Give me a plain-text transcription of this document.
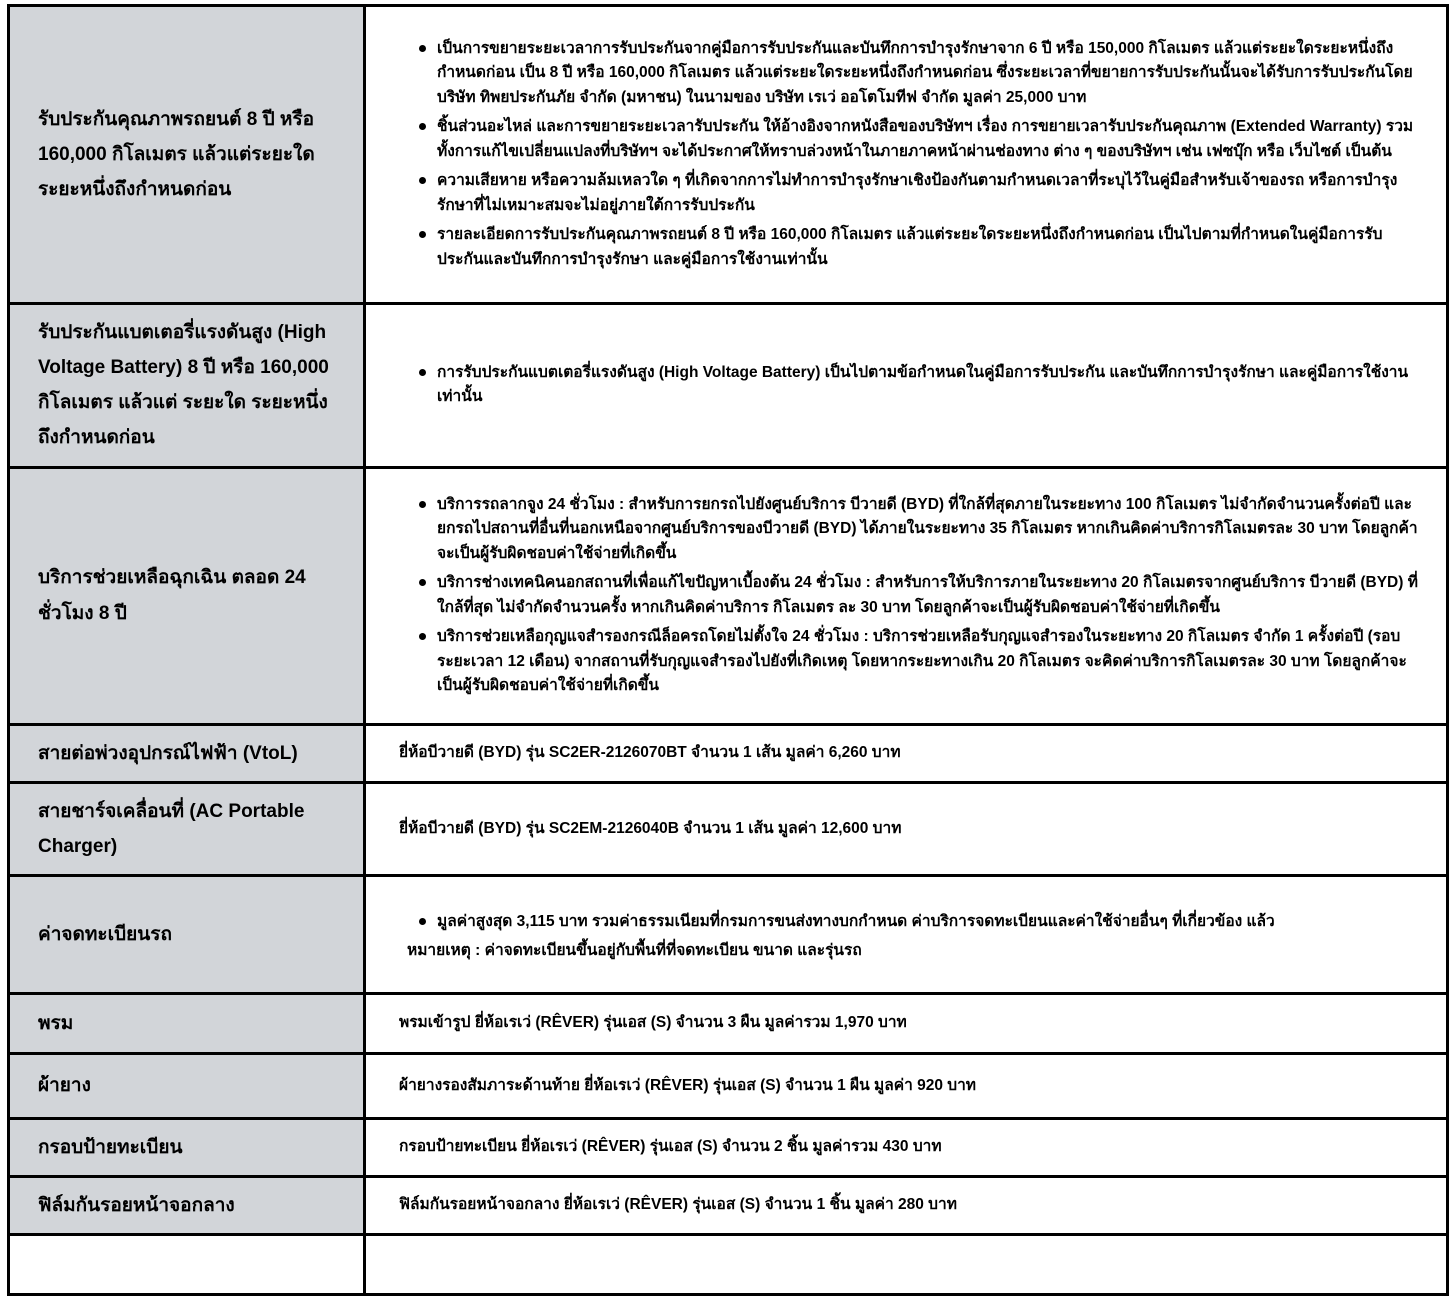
รับประกันคุณภาพรถยนต์ 8 ปี หรือ 160,000 กิโลเมตร แล้วแต่ระยะใด ระยะหนึ่งถึงกำหนดก่อน	เป็นการขยายระยะเวลาการรับประกันจากคู่มือการรับประกันและบันทึกการบำรุงรักษาจาก 6 ปี หรือ 150,000 กิโลเมตร แล้วแต่ระยะใดระยะหนึ่งถึงกำหนดก่อน เป็น 8 ปี หรือ 160,000 กิโลเมตร แล้วแต่ระยะใดระยะหนึ่งถึงกำหนดก่อน ซึ่งระยะเวลาที่ขยายการรับประกันนั้นจะได้รับการรับประกันโดย บริษัท ทิพยประกันภัย จำกัด (มหาชน) ในนามของ บริษัท เรเว่ ออโตโมทีฟ จำกัด มูลค่า 25,000 บาท
ชิ้นส่วนอะไหล่ และการขยายระยะเวลารับประกัน ให้อ้างอิงจากหนังสือของบริษัทฯ เรื่อง การขยายเวลารับประกันคุณภาพ (Extended Warranty) รวมทั้งการแก้ไขเปลี่ยนแปลงที่บริษัทฯ จะได้ประกาศให้ทราบล่วงหน้าในภายภาคหน้าผ่านช่องทาง ต่าง ๆ ของบริษัทฯ เช่น เฟซบุ๊ก หรือ เว็บไซต์ เป็นต้น
ความเสียหาย หรือความล้มเหลวใด ๆ ที่เกิดจากการไม่ทำการบำรุงรักษาเชิงป้องกันตามกำหนดเวลาที่ระบุไว้ในคู่มือสำหรับเจ้าของรถ หรือการบำรุงรักษาที่ไม่เหมาะสมจะไม่อยู่ภายใต้การรับประกัน
รายละเอียดการรับประกันคุณภาพรถยนต์ 8 ปี หรือ 160,000 กิโลเมตร แล้วแต่ระยะใดระยะหนึ่งถึงกำหนดก่อน เป็นไปตามที่กำหนดในคู่มือการรับประกันและบันทึกการบำรุงรักษา และคู่มือการใช้งานเท่านั้น

รับประกันแบตเตอรี่แรงดันสูง (High Voltage Battery) 8 ปี หรือ 160,000 กิโลเมตร แล้วแต่ ระยะใด ระยะหนึ่งถึงกำหนดก่อน	การรับประกันแบตเตอรี่แรงดันสูง (High Voltage Battery) เป็นไปตามข้อกำหนดในคู่มือการรับประกัน และบันทึกการบำรุงรักษา และคู่มือการใช้งานเท่านั้น

บริการช่วยเหลือฉุกเฉิน ตลอด 24 ชั่วโมง 8 ปี	บริการรถลากจูง 24 ชั่วโมง : สำหรับการยกรถไปยังศูนย์บริการ บีวายดี (BYD) ที่ใกล้ที่สุดภายในระยะทาง 100 กิโลเมตร ไม่จำกัดจำนวนครั้งต่อปี และยกรถไปสถานที่อื่นที่นอกเหนือจากศูนย์บริการของบีวายดี (BYD) ได้ภายในระยะทาง 35 กิโลเมตร หากเกินคิดค่าบริการกิโลเมตรละ 30 บาท โดยลูกค้าจะเป็นผู้รับผิดชอบค่าใช้จ่ายที่เกิดขึ้น
บริการช่างเทคนิคนอกสถานที่เพื่อแก้ไขปัญหาเบื้องต้น 24 ชั่วโมง : สำหรับการให้บริการภายในระยะทาง 20 กิโลเมตรจากศูนย์บริการ บีวายดี (BYD) ที่ใกล้ที่สุด ไม่จำกัดจำนวนครั้ง หากเกินคิดค่าบริการ กิโลเมตร ละ 30 บาท โดยลูกค้าจะเป็นผู้รับผิดชอบค่าใช้จ่ายที่เกิดขึ้น
บริการช่วยเหลือกุญแจสำรองกรณีล็อครถโดยไม่ตั้งใจ 24 ชั่วโมง : บริการช่วยเหลือรับกุญแจสำรองในระยะทาง 20 กิโลเมตร จำกัด 1 ครั้งต่อปี (รอบระยะเวลา 12 เดือน) จากสถานที่รับกุญแจสำรองไปยังที่เกิดเหตุ โดยหากระยะทางเกิน 20 กิโลเมตร จะคิดค่าบริการกิโลเมตรละ 30 บาท โดยลูกค้าจะเป็นผู้รับผิดชอบค่าใช้จ่ายที่เกิดขึ้น

สายต่อพ่วงอุปกรณ์ไฟฟ้า (VtoL)	ยี่ห้อบีวายดี (BYD) รุ่น SC2ER-2126070BT จำนวน 1 เส้น มูลค่า 6,260 บาท

สายชาร์จเคลื่อนที่ (AC Portable Charger)	ยี่ห้อบีวายดี (BYD) รุ่น SC2EM-2126040B จำนวน 1 เส้น มูลค่า 12,600 บาท

ค่าจดทะเบียนรถ	มูลค่าสูงสุด 3,115 บาท รวมค่าธรรมเนียมที่กรมการขนส่งทางบกกำหนด ค่าบริการจดทะเบียนและค่าใช้จ่ายอื่นๆ ที่เกี่ยวข้อง แล้ว
หมายเหตุ : ค่าจดทะเบียนขึ้นอยู่กับพื้นที่ที่จดทะเบียน ขนาด และรุ่นรถ

พรม	พรมเข้ารูป ยี่ห้อเรเว่ (RÊVER) รุ่นเอส (S) จำนวน 3 ผืน มูลค่ารวม 1,970 บาท

ผ้ายาง	ผ้ายางรองสัมภาระด้านท้าย ยี่ห้อเรเว่ (RÊVER) รุ่นเอส (S) จำนวน 1 ผืน มูลค่า 920 บาท

กรอบป้ายทะเบียน	กรอบป้ายทะเบียน ยี่ห้อเรเว่ (RÊVER) รุ่นเอส (S) จำนวน 2 ชิ้น มูลค่ารวม 430 บาท

ฟิล์มกันรอยหน้าจอกลาง	ฟิล์มกันรอยหน้าจอกลาง ยี่ห้อเรเว่ (RÊVER) รุ่นเอส (S) จำนวน 1 ชิ้น มูลค่า 280 บาท
